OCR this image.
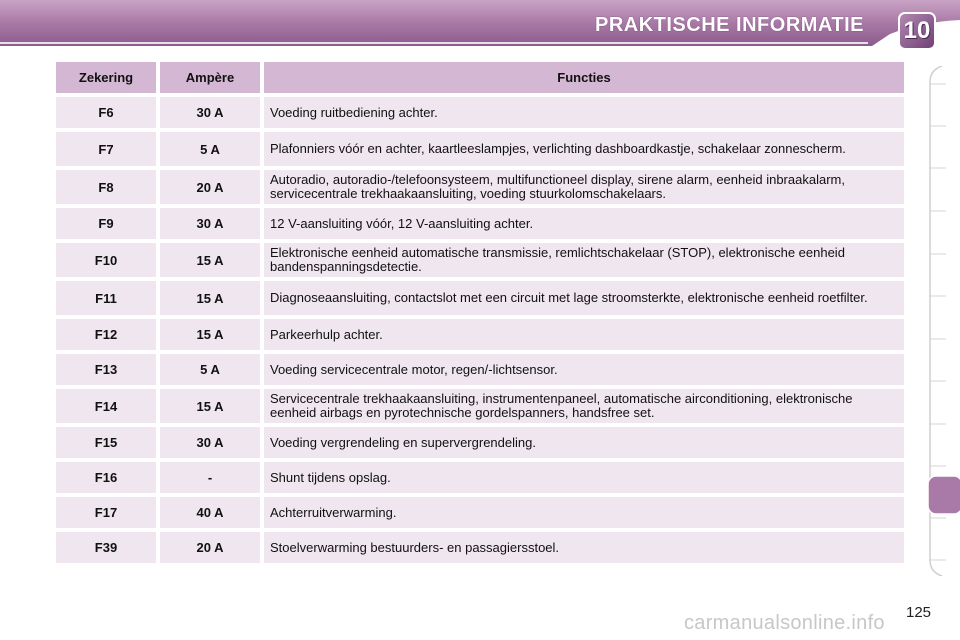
PRAKTISCHE INFORMATIE 10
Zekering	Ampère	Functies
F6	30 A	Voeding ruitbediening achter.
F7	5 A	Plafonniers vóór en achter, kaartleeslampjes, verlichting dashboardkastje, schakelaar zonnescherm.
F8	20 A	Autoradio, autoradio-/telefoonsysteem, multifunctioneel display, sirene alarm, eenheid inbraakalarm, servicecentrale trekhaakaansluiting, voeding stuurkolomschakelaars.
F9	30 A	12 V-aansluiting vóór, 12 V-aansluiting achter.
F10	15 A	Elektronische eenheid automatische transmissie, remlichtschakelaar (STOP), elektronische eenheid bandenspanningsdetectie.
F11	15 A	Diagnoseaansluiting, contactslot met een circuit met lage stroomsterkte, elektronische eenheid roetfilter.
F12	15 A	Parkeerhulp achter.
F13	5 A	Voeding servicecentrale motor, regen/-lichtsensor.
F14	15 A	Servicecentrale trekhaakaansluiting, instrumentenpaneel, automatische airconditioning, elektronische eenheid airbags en pyrotechnische gordelspanners, handsfree set.
F15	30 A	Voeding vergrendeling en supervergrendeling.
F16	-	Shunt tijdens opslag.
F17	40 A	Achterruitverwarming.
F39	20 A	Stoelverwarming bestuurders- en passagiersstoel.
125
carmanualsonline.info
